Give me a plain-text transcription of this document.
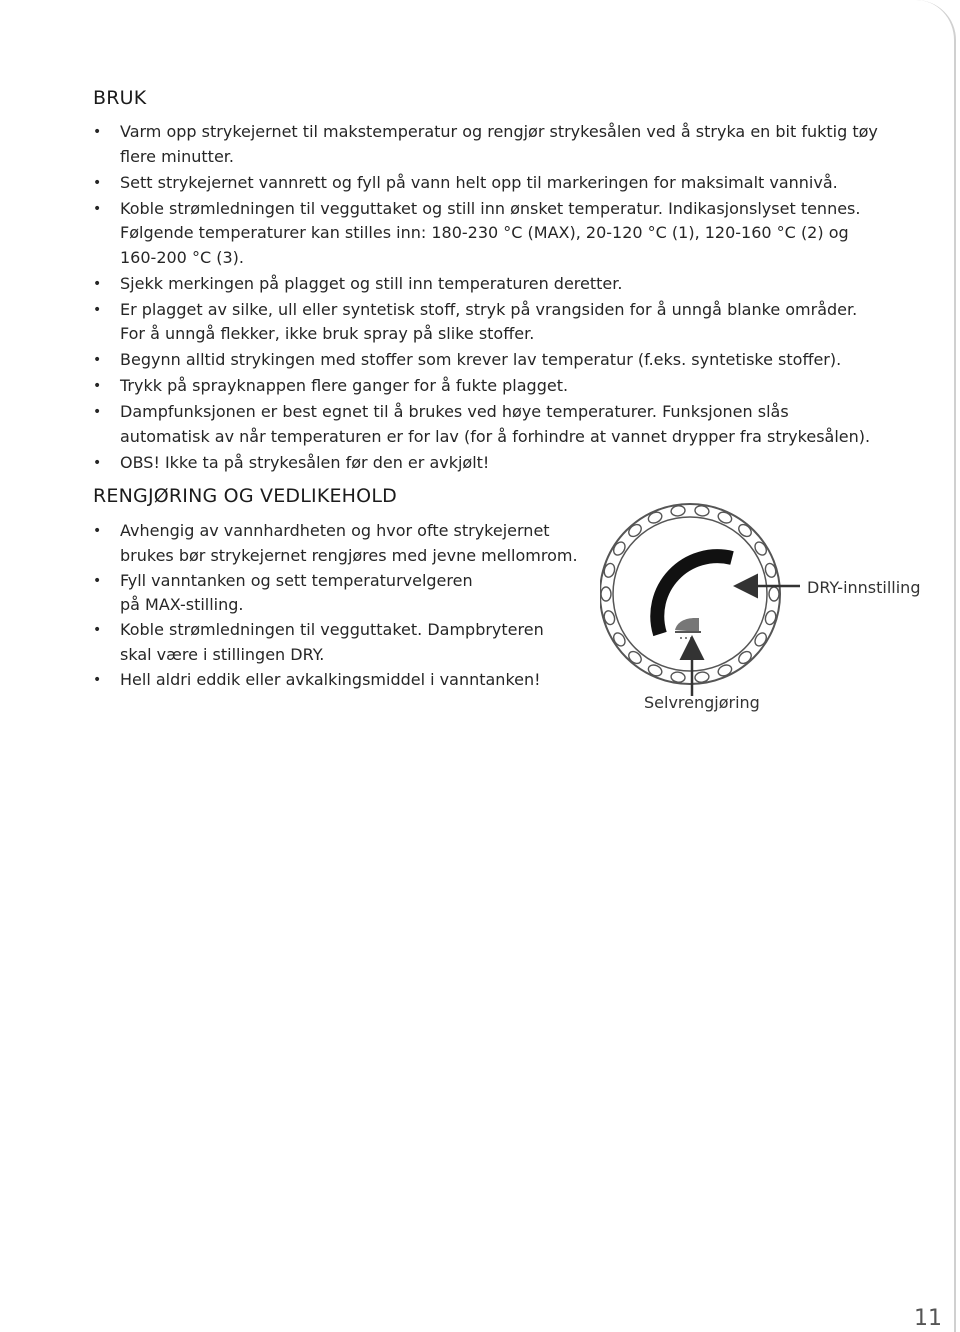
BRUK
• Varm opp strykejernet til makstemperatur og rengjør strykesålen ved å stryka en bit fuktig tøy
flere minutter.
• Sett strykejernet vannrett og fyll på vann helt opp til markeringen for maksimalt vannivå.
• Koble strømledningen til vegguttaket og still inn ønsket temperatur. Indikasjonslyset tennes.
Følgende temperaturer kan stilles inn: 180-230 °C (MAX), 20-120 °C (1), 120-160 °C (2) og
160-200 °C (3).
• Sjekk merkingen på plagget og still inn temperaturen deretter.
• Er plagget av silke, ull eller syntetisk stoff, stryk på vrangsiden for å unngå blanke områder.
For å unngå flekker, ikke bruk spray på slike stoffer.
• Begynn alltid strykingen med stoffer som krever lav temperatur (f.eks. syntetiske stoffer).
• Trykk på sprayknappen flere ganger for å fukte plagget.
• Dampfunksjonen er best egnet til å brukes ved høye temperaturer. Funksjonen slås
automatisk av når temperaturen er for lav (for å forhindre at vannet drypper fra strykesålen).
• OBS! Ikke ta på strykesålen før den er avkjølt!
RENGJØRING OG VEDLIKEHOLD
• Avhengig av vannhardheten og hvor ofte strykejernet
brukes bør strykejernet rengjøres med jevne mellomrom.
• Fyll vanntanken og sett temperaturvelgeren
på MAX-stilling.
• Koble strømledningen til vegguttaket. Dampbryteren
skal være i stillingen DRY.
• Hell aldri eddik eller avkalkingsmiddel i vanntanken!
DRY-innstilling
Selvrengjøring
11
